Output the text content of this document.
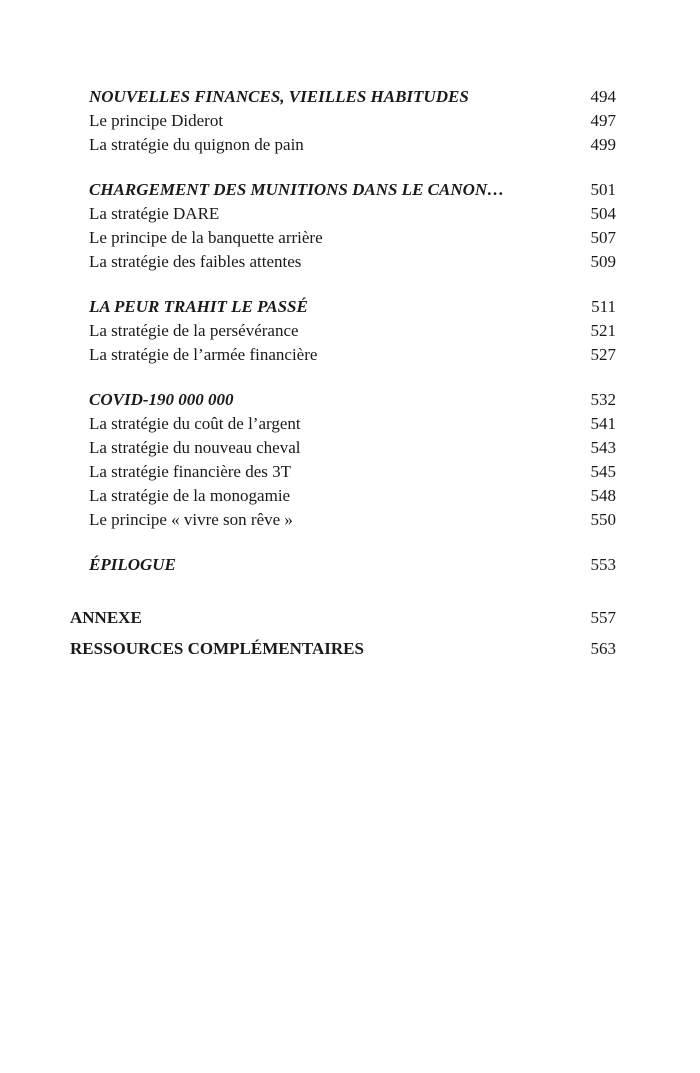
NOUVELLES FINANCES, VIEILLES HABITUDES	494
Le principe Diderot	497
La stratégie du quignon de pain	499
CHARGEMENT DES MUNITIONS DANS LE CANON…	501
La stratégie DARE	504
Le principe de la banquette arrière	507
La stratégie des faibles attentes	509
LA PEUR TRAHIT LE PASSÉ	511
La stratégie de la persévérance	521
La stratégie de l’armée financière	527
COVID-190 000 000	532
La stratégie du coût de l’argent	541
La stratégie du nouveau cheval	543
La stratégie financière des 3T	545
La stratégie de la monogamie	548
Le principe « vivre son rêve »	550
ÉPILOGUE	553
ANNEXE	557
RESSOURCES COMPLÉMENTAIRES	563
